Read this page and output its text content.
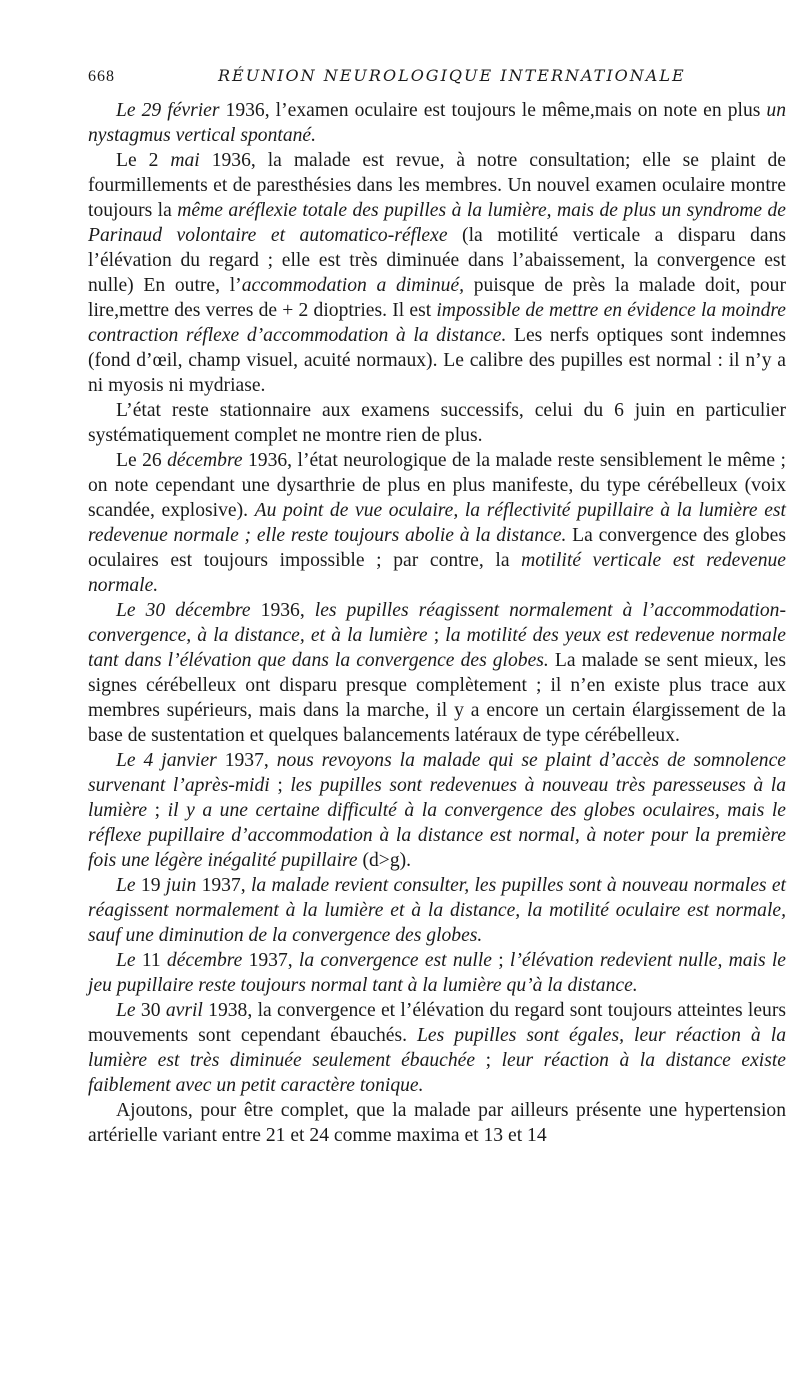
668	RÉUNION NEUROLOGIQUE INTERNATIONALE

Le 29 février 1936, l’examen oculaire est toujours le même,mais on note en plus un nystagmus vertical spontané.

Le 2 mai 1936, la malade est revue, à notre consultation; elle se plaint de fourmillements et de paresthésies dans les membres. Un nouvel examen oculaire montre toujours la même aréflexie totale des pupilles à la lumière, mais de plus un syndrome de Parinaud volontaire et automatico-réflexe (la motilité verticale a disparu dans l’élévation du regard ; elle est très diminuée dans l’abaissement, la convergence est nulle) En outre, l’accommodation a diminué, puisque de près la malade doit, pour lire,mettre des verres de + 2 dioptries. Il est impossible de mettre en évidence la moindre contraction réflexe d’accommodation à la distance. Les nerfs optiques sont indemnes (fond d’œil, champ visuel, acuité normaux). Le calibre des pupilles est normal : il n’y a ni myosis ni mydriase.

L’état reste stationnaire aux examens successifs, celui du 6 juin en particulier systématiquement complet ne montre rien de plus.

Le 26 décembre 1936, l’état neurologique de la malade reste sensiblement le même ; on note cependant une dysarthrie de plus en plus manifeste, du type cérébelleux (voix scandée, explosive). Au point de vue oculaire, la réflectivité pupillaire à la lumière est redevenue normale ; elle reste toujours abolie à la distance. La convergence des globes oculaires est toujours impossible ; par contre, la motilité verticale est redevenue normale.

Le 30 décembre 1936, les pupilles réagissent normalement à l’accommodation-convergence, à la distance, et à la lumière ; la motilité des yeux est redevenue normale tant dans l’élévation que dans la convergence des globes. La malade se sent mieux, les signes cérébelleux ont disparu presque complètement ; il n’en existe plus trace aux membres supérieurs, mais dans la marche, il y a encore un certain élargissement de la base de sustentation et quelques balancements latéraux de type cérébelleux.

Le 4 janvier 1937, nous revoyons la malade qui se plaint d’accès de somnolence survenant l’après-midi ; les pupilles sont redevenues à nouveau très paresseuses à la lumière ; il y a une certaine difficulté à la convergence des globes oculaires, mais le réflexe pupillaire d’accommodation à la distance est normal, à noter pour la première fois une légère inégalité pupillaire (d>g).

Le 19 juin 1937, la malade revient consulter, les pupilles sont à nouveau normales et réagissent normalement à la lumière et à la distance, la motilité oculaire est normale, sauf une diminution de la convergence des globes.

Le 11 décembre 1937, la convergence est nulle ; l’élévation redevient nulle, mais le jeu pupillaire reste toujours normal tant à la lumière qu’à la distance.

Le 30 avril 1938, la convergence et l’élévation du regard sont toujours atteintes leurs mouvements sont cependant ébauchés. Les pupilles sont égales, leur réaction à la lumière est très diminuée seulement ébauchée ; leur réaction à la distance existe faiblement avec un petit caractère tonique.

Ajoutons, pour être complet, que la malade par ailleurs présente une hypertension artérielle variant entre 21 et 24 comme maxima et 13 et 14
